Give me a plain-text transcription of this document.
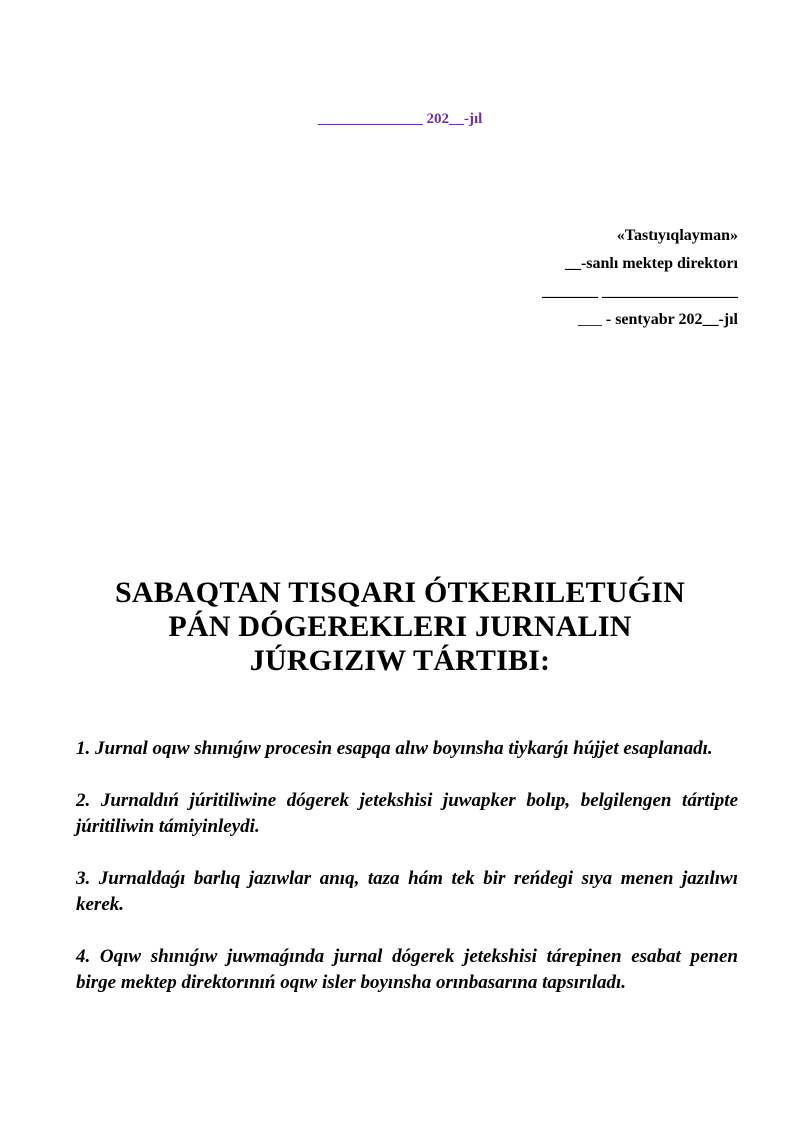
______________ 202__-jıl
«Tastıyıqlayman»
__-sanlı mektep direktorı
_______ _________________
___ - sentyabr 202__-jıl
SABAQTAN TISQARI ÓTKERILETUǴIN
PÁN DÓGEREKLERI JURNALIN
JÚRGIZIW TÁRTIBI:

1. Jurnal oqıw shınıǵıw procesin esapqa alıw boyınsha tiykarǵı hújjet esaplanadı.

2. Jurnaldıń júritiliwine dógerek jetekshisi juwapker bolıp, belgilengen tártipte júritiliwin támiyinleydi.

3. Jurnaldaǵı barlıq jazıwlar anıq, taza hám tek bir reńdegi sıya menen jazılıwı kerek.

4. Oqıw shınıǵıw juwmaǵında jurnal dógerek jetekshisi tárepinen esabat penen birge mektep direktorınıń oqıw isler boyınsha orınbasarına tapsırıladı.
